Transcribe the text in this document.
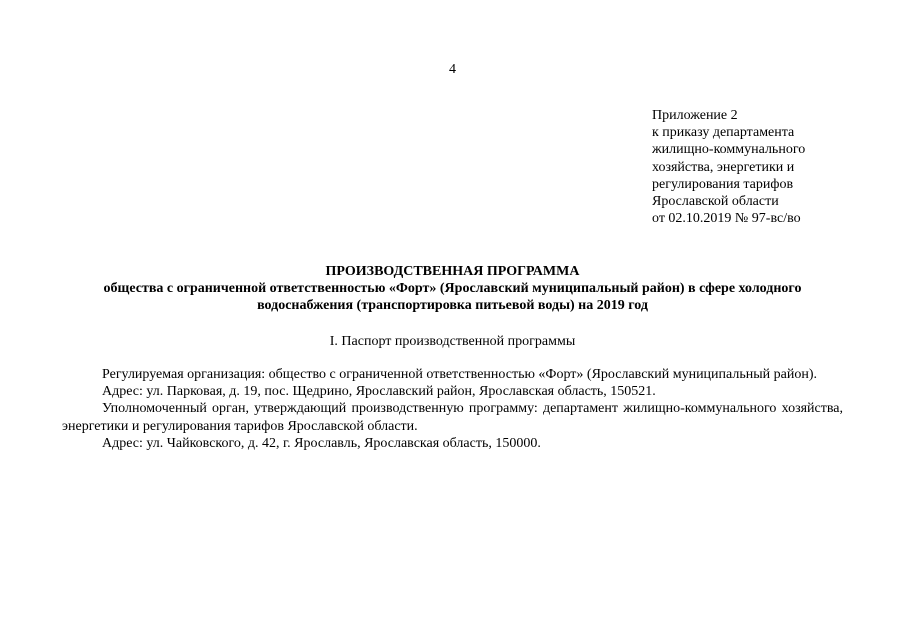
4
Приложение 2
к приказу департамента
жилищно-коммунального
хозяйства, энергетики и
регулирования тарифов
Ярославской области
от 02.10.2019 № 97-вс/во
ПРОИЗВОДСТВЕННАЯ ПРОГРАММА
общества с ограниченной ответственностью «Форт» (Ярославский муниципальный район) в сфере холодного
водоснабжения (транспортировка питьевой воды) на 2019 год
I. Паспорт производственной программы

Регулируемая организация: общество с ограниченной ответственностью «Форт» (Ярославский муниципальный район).

Адрес: ул. Парковая, д. 19, пос. Щедрино, Ярославский район, Ярославская область, 150521.

Уполномоченный орган, утверждающий производственную программу: департамент жилищно-коммунального хозяйства, энергетики и регулирования тарифов Ярославской области.

Адрес: ул. Чайковского, д. 42, г. Ярославль, Ярославская область, 150000.
